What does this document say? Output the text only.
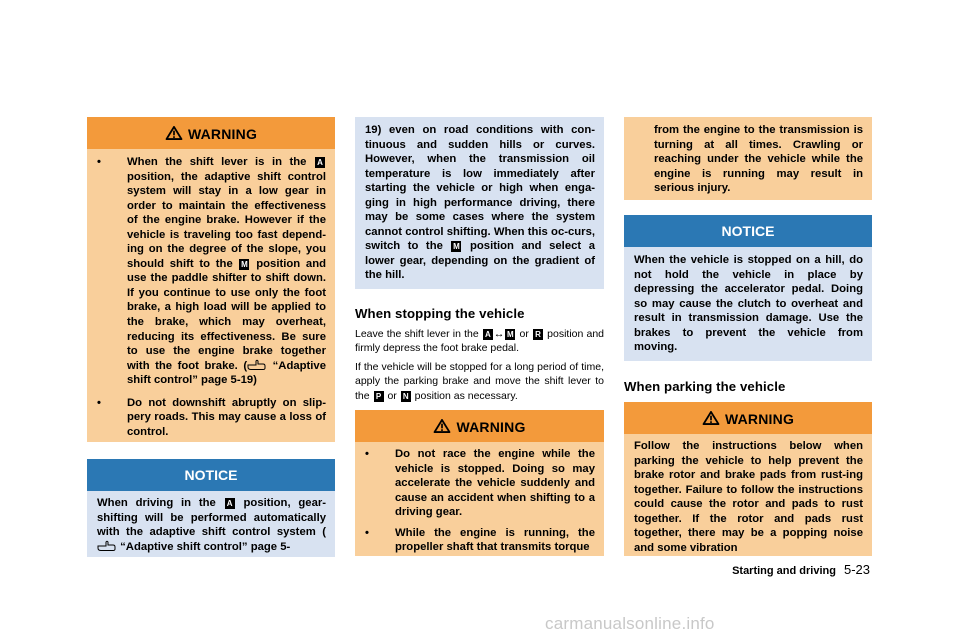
WARNING
•	When the shift lever is in the A position, the adaptive shift control system will stay in a low gear in order to maintain the effectiveness of the engine brake. However if the vehicle is traveling too fast depend-ing on the degree of the slope, you should shift to the M position and use the paddle shifter to shift down. If you continue to use only the foot brake, a high load will be applied to the brake, which may overheat, reducing its effectiveness. Be sure to use the engine brake together with the foot brake. ( “Adaptive shift control” page 5-19)
•	Do not downshift abruptly on slip-pery roads. This may cause a loss of control.
NOTICE
When driving in the A position, gear-shifting will be performed automatically with the adaptive shift control system ( “Adaptive shift control” page 5-
19) even on road conditions with con-tinuous and sudden hills or curves. However, when the transmission oil temperature is low immediately after starting the vehicle or high when enga-ging in high performance driving, there may be some cases where the system cannot control shifting. When this oc-curs, switch to the M position and select a lower gear, depending on the gradient of the hill.
When stopping the vehicle
Leave the shift lever in the A ↔ M or R position and firmly depress the foot brake pedal.
If the vehicle will be stopped for a long period of time, apply the parking brake and move the shift lever to the P or N position as necessary.
WARNING
•	Do not race the engine while the vehicle is stopped. Doing so may accelerate the vehicle suddenly and cause an accident when shifting to a driving gear.
•	While the engine is running, the propeller shaft that transmits torque
from the engine to the transmission is turning at all times. Crawling or reaching under the vehicle while the engine is running may result in serious injury.
NOTICE
When the vehicle is stopped on a hill, do not hold the vehicle in place by depressing the accelerator pedal. Doing so may cause the clutch to overheat and result in transmission damage. Use the brakes to prevent the vehicle from moving.
When parking the vehicle
WARNING
Follow the instructions below when parking the vehicle to help prevent the brake rotor and brake pads from rust-ing together. Failure to follow the instructions could cause the rotor and pads to rust together. If the rotor and pads rust together, there may be a popping noise and some vibration
Starting and driving 5-23
carmanualsonline.info
